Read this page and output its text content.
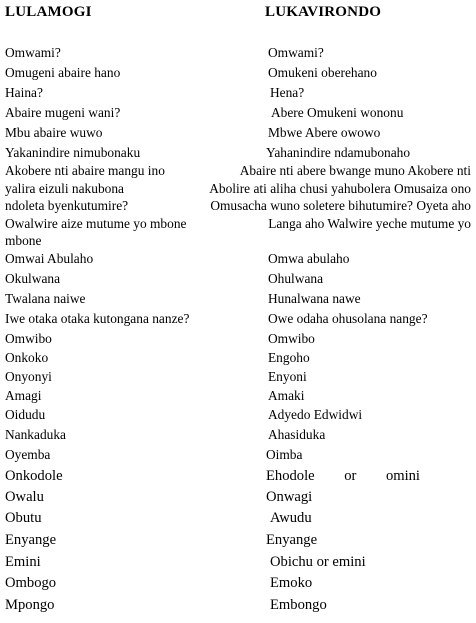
LULAMOGI	LUKAVIRONDO
Omwami?	Omwami?
Omugeni abaire hano	Omukeni oberehano
Haina?	Hena?
Abaire mugeni wani?	Abere Omukeni wononu
Mbu abaire wuwo	Mbwe Abere owowo
Yakanindire nimubonaku	Yahanindire ndamubonaho
Akobere nti abaire mangu ino	Abaire nti abere bwange muno Akobere nti
yalira eizuli nakubona	Abolire ati aliha chusi yahubolera Omusaiza ono
ndoleta byenkutumire?	Omusacha wuno soletere bihutumire? Oyeta aho
Owalwire aize mutume yo mbone	Langa aho Walwire yeche mutume yo
mbone
Omwai Abulaho	Omwa abulaho
Okulwana	Ohulwana
Twalana naiwe	Hunalwana nawe
Iwe otaka otaka kutongana nanze?	Owe odaha ohusolana nange?
Omwibo	Omwibo
Onkoko	Engoho
Onyonyi	Enyoni
Amagi	Amaki
Oidudu	Adyedo Edwidwi
Nankaduka	Ahasiduka
Oyemba	Oimba
Onkodole	Ehodole or omini
Owalu	Onwagi
Obutu	Awudu
Enyange	Enyange
Emini	Obichu or emini
Ombogo	Emoko
Mpongo	Embongo
